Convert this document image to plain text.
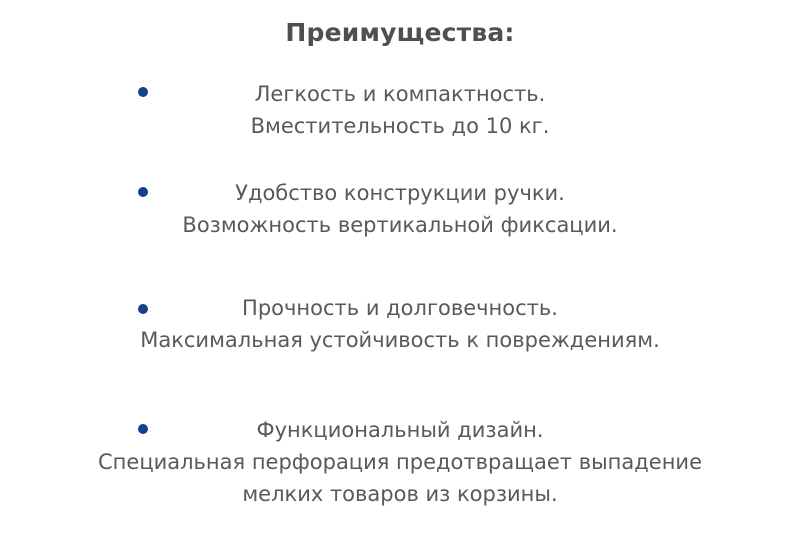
Преимущества:
Легкость и компактность.
Вместительность до 10 кг.
Удобство конструкции ручки.
Возможность вертикальной фиксации.
Прочность и долговечность.
Максимальная устойчивость к повреждениям.
Функциональный дизайн.
Специальная перфорация предотвращает выпадение
мелких товаров из корзины.
